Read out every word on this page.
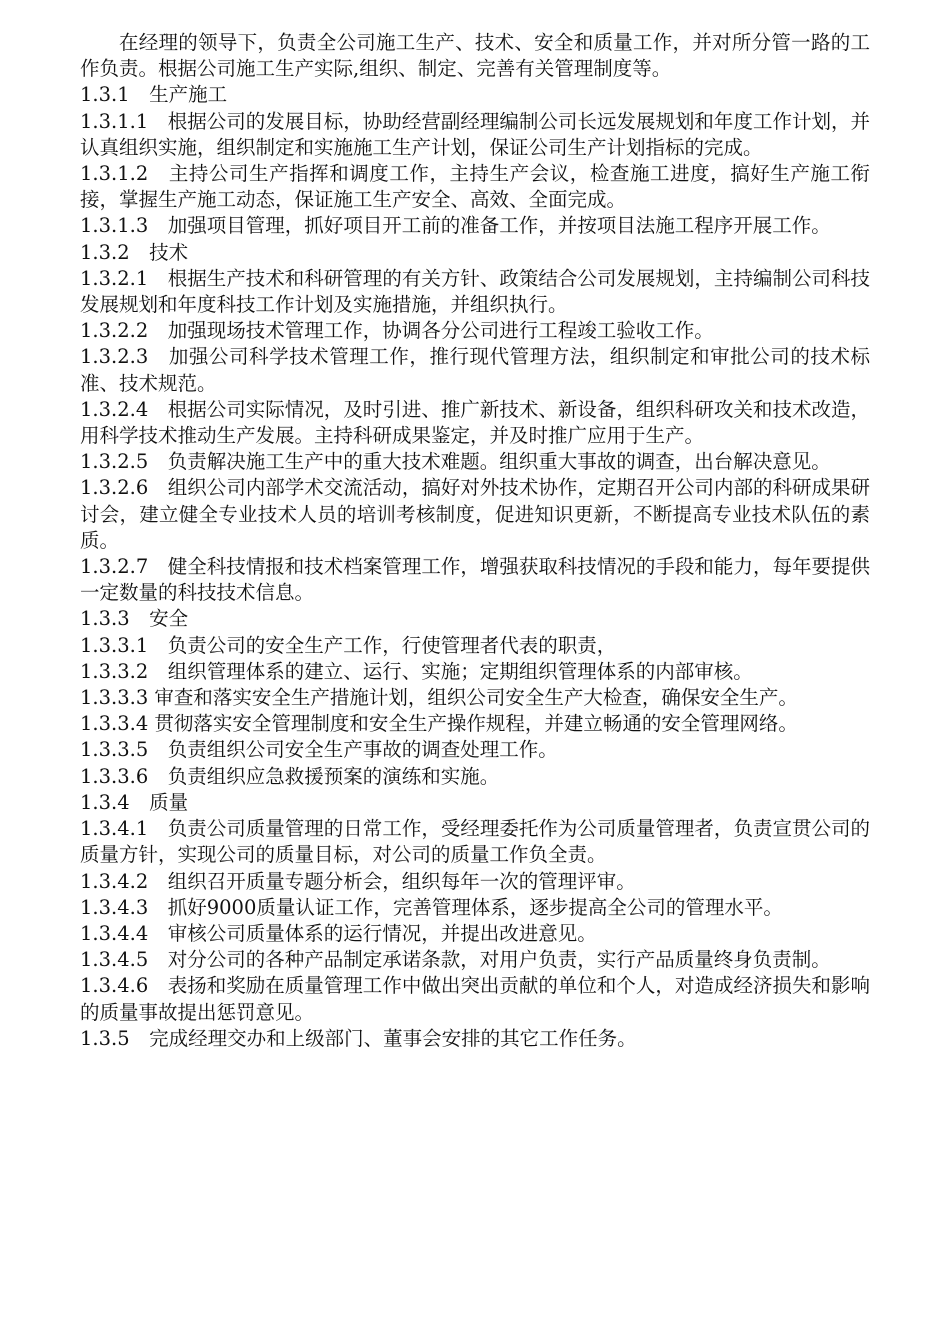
在经理的领导下，负责全公司施工生产、技术、安全和质量工作，并对所分管一路的工作负责。根据公司施工生产实际,组织、制定、完善有关管理制度等。

1.3.1　生产施工

1.3.1.1　根据公司的发展目标，协助经营副经理编制公司长远发展规划和年度工作计划，并认真组织实施，组织制定和实施施工生产计划，保证公司生产计划指标的完成。

1.3.1.2　主持公司生产指挥和调度工作，主持生产会议，检查施工进度，搞好生产施工衔接，掌握生产施工动态，保证施工生产安全、高效、全面完成。

1.3.1.3　加强项目管理，抓好项目开工前的准备工作，并按项目法施工程序开展工作。

1.3.2　技术

1.3.2.1　根据生产技术和科研管理的有关方针、政策结合公司发展规划，主持编制公司科技发展规划和年度科技工作计划及实施措施，并组织执行。

1.3.2.2　加强现场技术管理工作，协调各分公司进行工程竣工验收工作。

1.3.2.3　加强公司科学技术管理工作，推行现代管理方法，组织制定和审批公司的技术标准、技术规范。

1.3.2.4　根据公司实际情况，及时引进、推广新技术、新设备，组织科研攻关和技术改造，用科学技术推动生产发展。主持科研成果鉴定，并及时推广应用于生产。

1.3.2.5　负责解决施工生产中的重大技术难题。组织重大事故的调查，出台解决意见。

1.3.2.6　组织公司内部学术交流活动，搞好对外技术协作，定期召开公司内部的科研成果研讨会，建立健全专业技术人员的培训考核制度，促进知识更新，不断提高专业技术队伍的素质。

1.3.2.7　健全科技情报和技术档案管理工作，增强获取科技情况的手段和能力，每年要提供一定数量的科技技术信息。

1.3.3　安全

1.3.3.1　负责公司的安全生产工作，行使管理者代表的职责，

1.3.3.2　组织管理体系的建立、运行、实施；定期组织管理体系的内部审核。

1.3.3.3 审查和落实安全生产措施计划，组织公司安全生产大检查，确保安全生产。

1.3.3.4 贯彻落实安全管理制度和安全生产操作规程，并建立畅通的安全管理网络。

1.3.3.5　负责组织公司安全生产事故的调查处理工作。

1.3.3.6　负责组织应急救援预案的演练和实施。

1.3.4　质量

1.3.4.1　负责公司质量管理的日常工作，受经理委托作为公司质量管理者，负责宣贯公司的质量方针，实现公司的质量目标，对公司的质量工作负全责。

1.3.4.2　组织召开质量专题分析会，组织每年一次的管理评审。

1.3.4.3　抓好9000质量认证工作，完善管理体系，逐步提高全公司的管理水平。

1.3.4.4　审核公司质量体系的运行情况，并提出改进意见。

1.3.4.5　对分公司的各种产品制定承诺条款，对用户负责，实行产品质量终身负责制。

1.3.4.6　表扬和奖励在质量管理工作中做出突出贡献的单位和个人，对造成经济损失和影响的质量事故提出惩罚意见。

1.3.5　完成经理交办和上级部门、董事会安排的其它工作任务。
